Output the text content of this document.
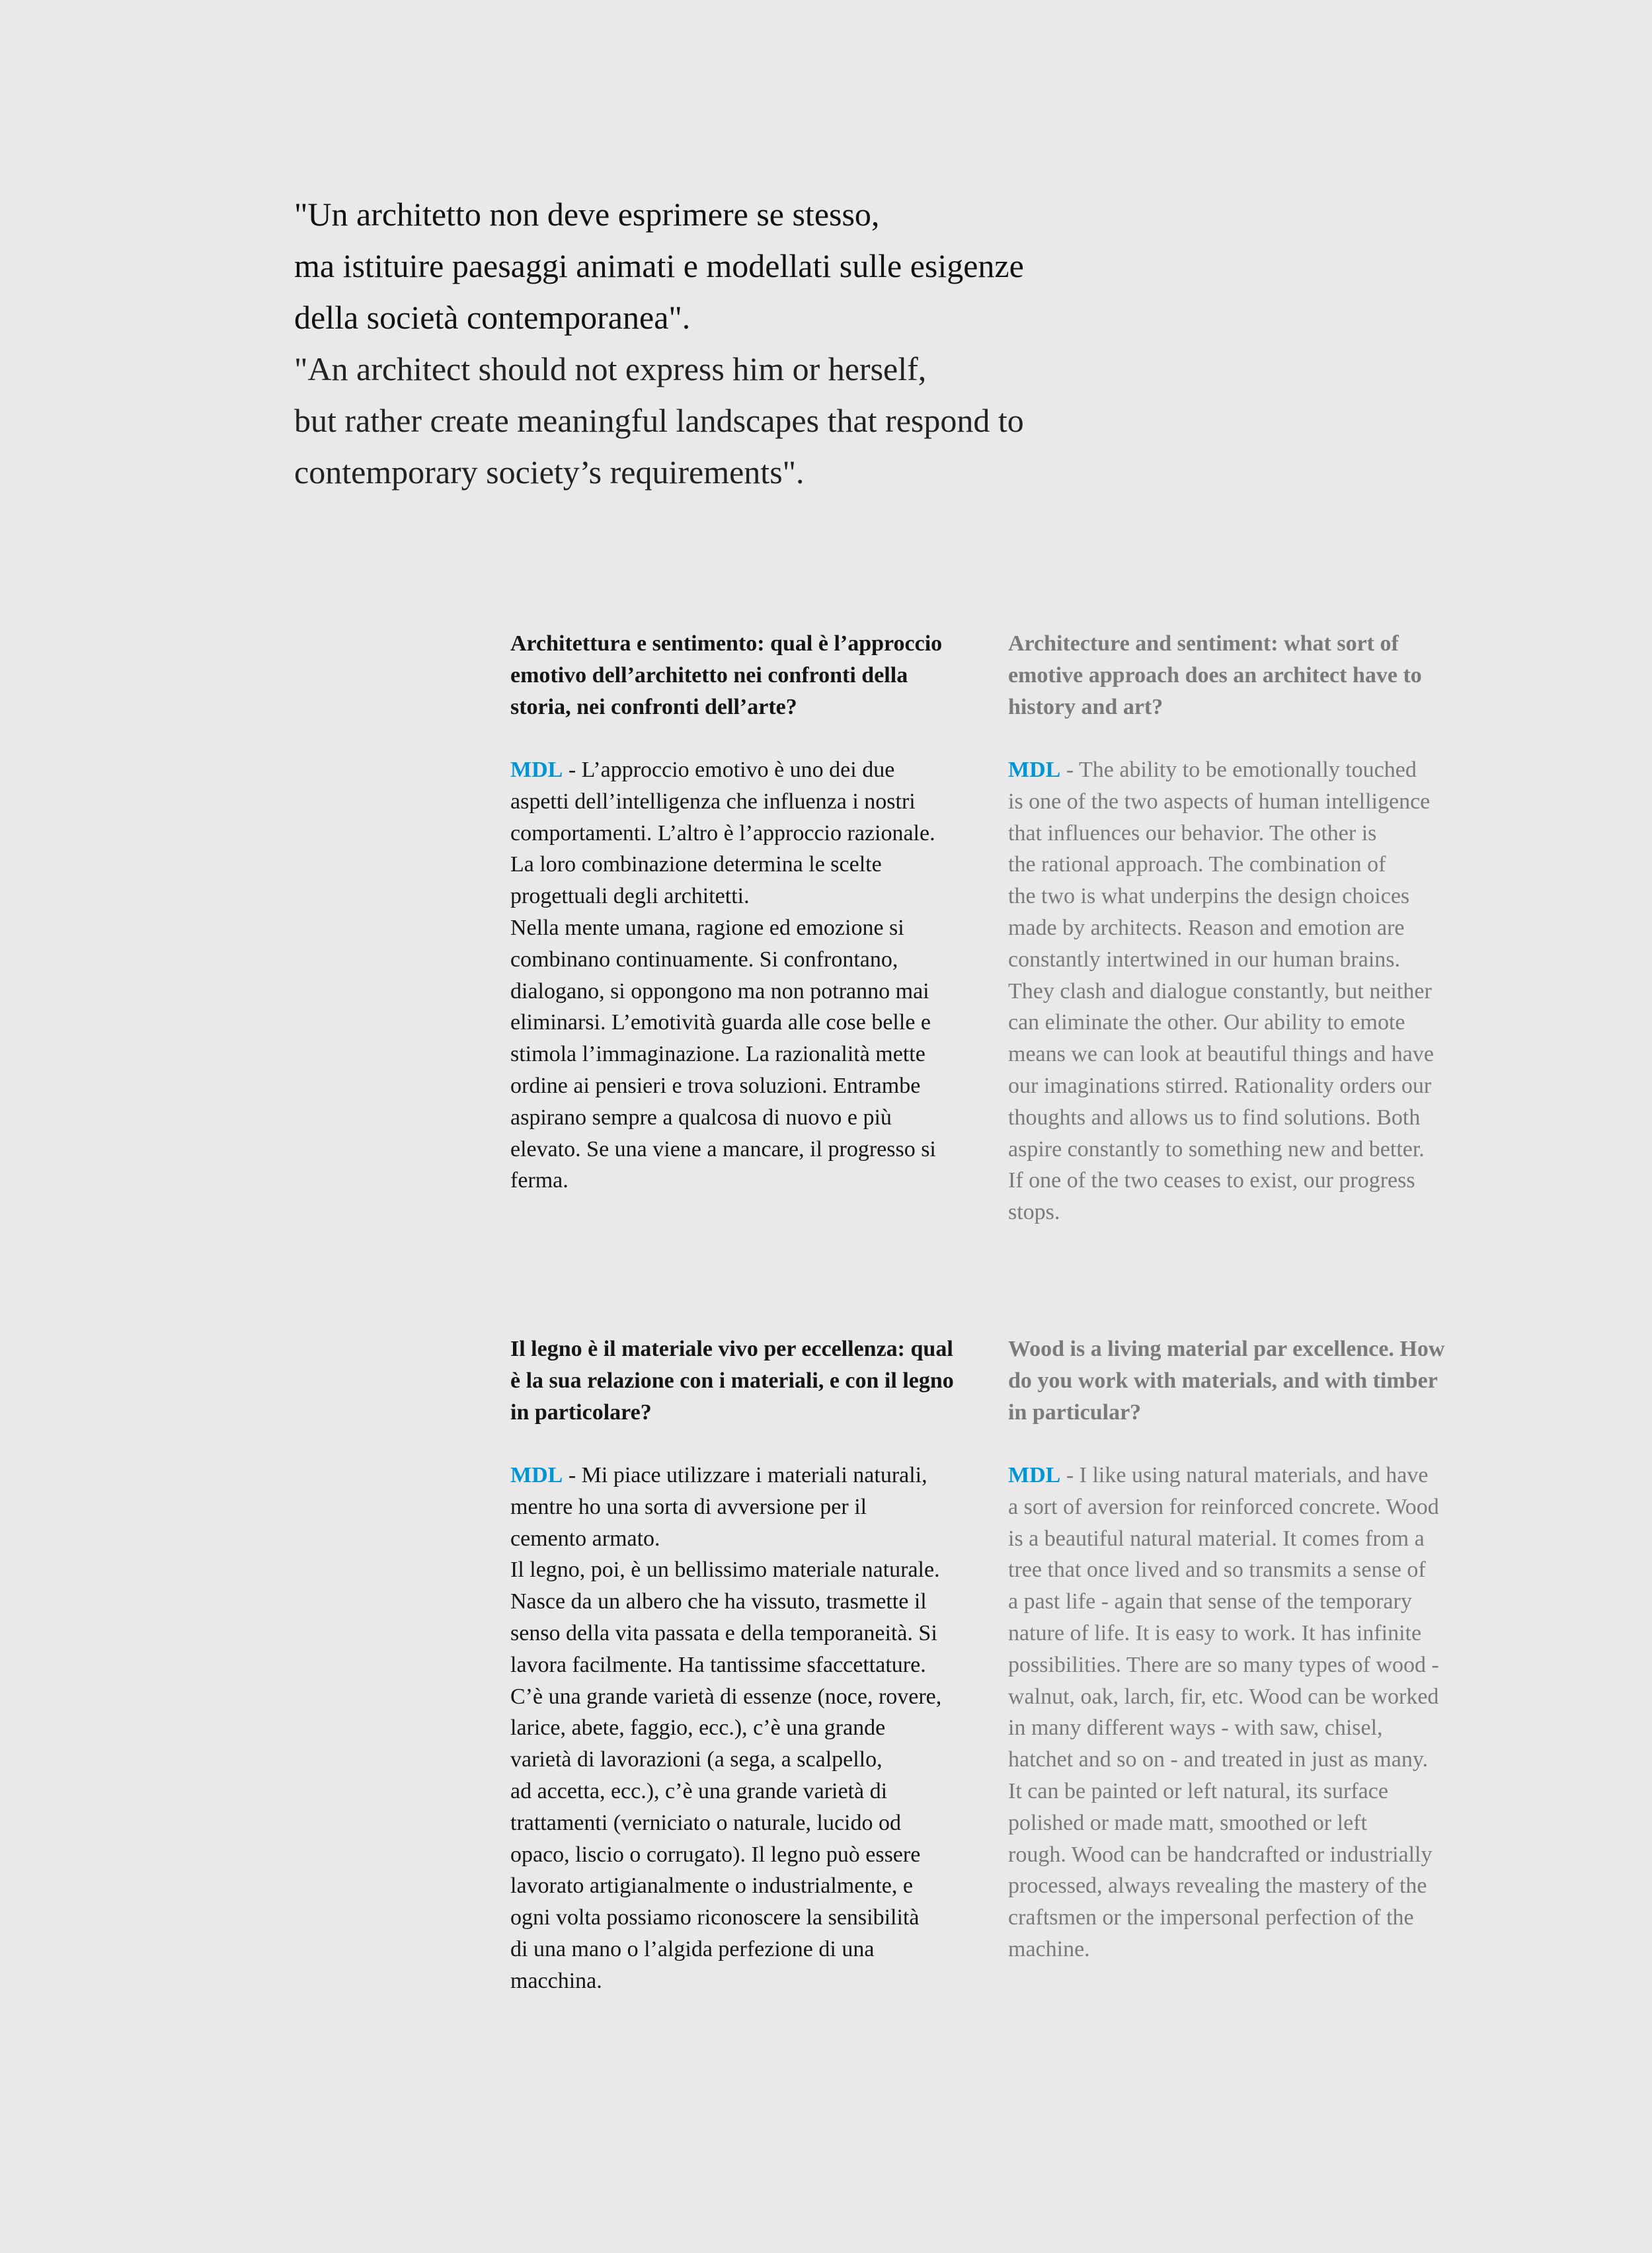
"Un architetto non deve esprimere se stesso,
ma istituire paesaggi animati e modellati sulle esigenze
della società contemporanea".
"An architect should not express him or herself,
but rather create meaningful landscapes that respond to
contemporary society’s requirements".
Architettura e sentimento: qual è l’approccio
emotivo dell’architetto nei confronti della
storia, nei confronti dell’arte?
MDL - L’approccio emotivo è uno dei due
aspetti dell’intelligenza che influenza i nostri
comportamenti. L’altro è l’approccio razionale.
La loro combinazione determina le scelte
progettuali degli architetti.
Nella mente umana, ragione ed emozione si
combinano continuamente. Si confrontano,
dialogano, si oppongono ma non potranno mai
eliminarsi. L’emotività guarda alle cose belle e
stimola l’immaginazione. La razionalità mette
ordine ai pensieri e trova soluzioni. Entrambe
aspirano sempre a qualcosa di nuovo e più
elevato. Se una viene a mancare, il progresso si
ferma.
Architecture and sentiment: what sort of
emotive approach does an architect have to
history and art?
MDL - The ability to be emotionally touched
is one of the two aspects of human intelligence
that influences our behavior. The other is
the rational approach. The combination of
the two is what underpins the design choices
made by architects. Reason and emotion are
constantly intertwined in our human brains.
They clash and dialogue constantly, but neither
can eliminate the other. Our ability to emote
means we can look at beautiful things and have
our imaginations stirred. Rationality orders our
thoughts and allows us to find solutions. Both
aspire constantly to something new and better.
If one of the two ceases to exist, our progress
stops.
Il legno è il materiale vivo per eccellenza: qual
è la sua relazione con i materiali, e con il legno
in particolare?
MDL - Mi piace utilizzare i materiali naturali,
mentre ho una sorta di avversione per il
cemento armato.
Il legno, poi, è un bellissimo materiale naturale.
Nasce da un albero che ha vissuto, trasmette il
senso della vita passata e della temporaneità. Si
lavora facilmente. Ha tantissime sfaccettature.
C’è una grande varietà di essenze (noce, rovere,
larice, abete, faggio, ecc.), c’è una grande
varietà di lavorazioni (a sega, a scalpello,
ad accetta, ecc.), c’è una grande varietà di
trattamenti (verniciato o naturale, lucido od
opaco, liscio o corrugato). Il legno può essere
lavorato artigianalmente o industrialmente, e
ogni volta possiamo riconoscere la sensibilità
di una mano o l’algida perfezione di una
macchina.
Wood is a living material par excellence. How
do you work with materials, and with timber
in particular?
MDL - I like using natural materials, and have
a sort of aversion for reinforced concrete. Wood
is a beautiful natural material. It comes from a
tree that once lived and so transmits a sense of
a past life - again that sense of the temporary
nature of life. It is easy to work. It has infinite
possibilities. There are so many types of wood -
walnut, oak, larch, fir, etc. Wood can be worked
in many different ways - with saw, chisel,
hatchet and so on - and treated in just as many.
It can be painted or left natural, its surface
polished or made matt, smoothed or left
rough. Wood can be handcrafted or industrially
processed, always revealing the mastery of the
craftsmen or the impersonal perfection of the
machine.
